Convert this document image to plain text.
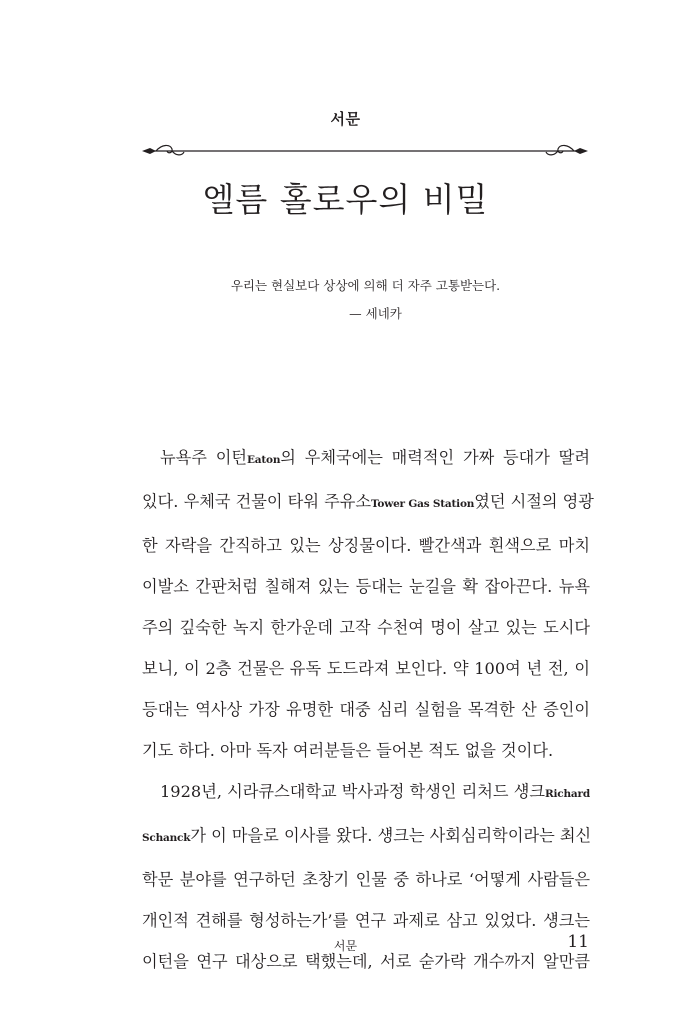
서문
엘름 홀로우의 비밀
우리는 현실보다 상상에 의해 더 자주 고통받는다.
— 세네카
뉴욕주 이턴Eaton의 우체국에는 매력적인 가짜 등대가 딸려
있다. 우체국 건물이 타워 주유소Tower Gas Station였던 시절의 영광
한 자락을 간직하고 있는 상징물이다. 빨간색과 흰색으로 마치
이발소 간판처럼 칠해져 있는 등대는 눈길을 확 잡아끈다. 뉴욕
주의 깊숙한 녹지 한가운데 고작 수천여 명이 살고 있는 도시다
보니, 이 2층 건물은 유독 도드라져 보인다. 약 100여 년 전, 이
등대는 역사상 가장 유명한 대중 심리 실험을 목격한 산 증인이
기도 하다. 아마 독자 여러분들은 들어본 적도 없을 것이다.
1928년, 시라큐스대학교 박사과정 학생인 리처드 섕크Richard
Schanck가 이 마을로 이사를 왔다. 섕크는 사회심리학이라는 최신
학문 분야를 연구하던 초창기 인물 중 하나로 ‘어떻게 사람들은
개인적 견해를 형성하는가’를 연구 과제로 삼고 있었다. 섕크는
이턴을 연구 대상으로 택했는데, 서로 숟가락 개수까지 알만큼
서문	11
